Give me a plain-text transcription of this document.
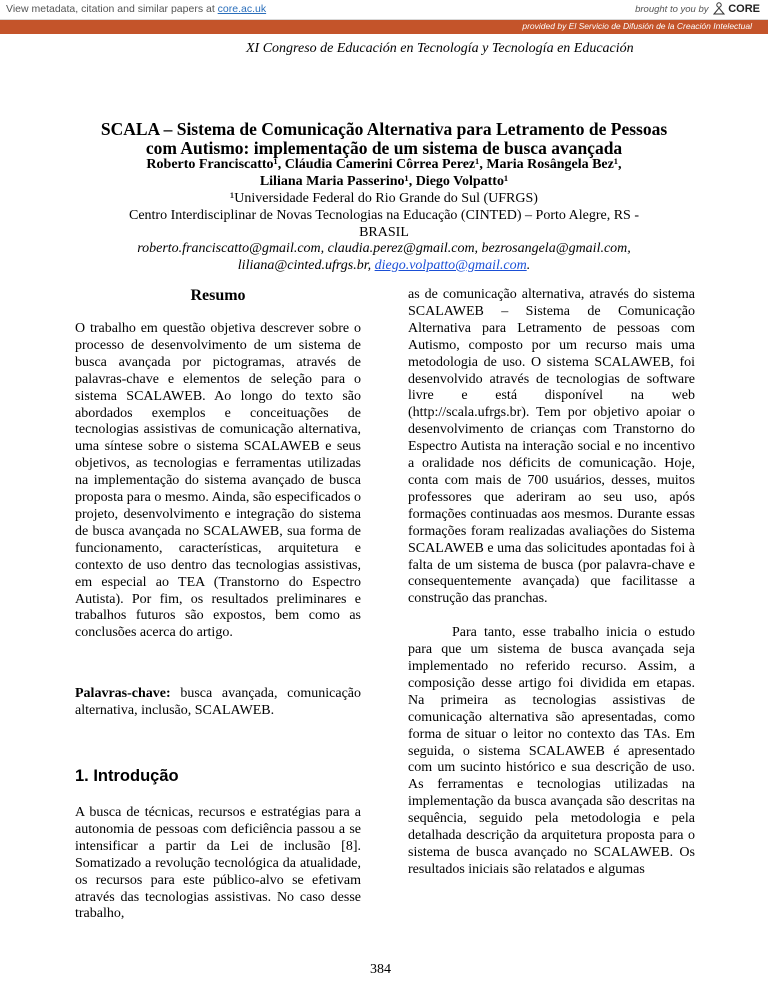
View metadata, citation and similar papers at core.ac.uk	brought to you by CORE
provided by El Servicio de Difusión de la Creación Intelectual
XI Congreso de Educación en Tecnología y Tecnología en Educación
SCALA – Sistema de Comunicação Alternativa para Letramento de Pessoas
com Autismo: implementação de um sistema de busca avançada
Roberto Franciscatto¹, Cláudia Camerini Côrrea Perez¹, Maria Rosângela Bez¹,
Liliana Maria Passerino¹, Diego Volpatto¹
¹Universidade Federal do Rio Grande do Sul (UFRGS)
Centro Interdisciplinar de Novas Tecnologias na Educação (CINTED) – Porto Alegre, RS -
BRASIL
roberto.franciscatto@gmail.com, claudia.perez@gmail.com, bezrosangela@gmail.com,
liliana@cinted.ufrgs.br, diego.volpatto@gmail.com.
Resumo

O trabalho em questão objetiva descrever sobre o processo de desenvolvimento de um sistema de busca avançada por pictogramas, através de palavras-chave e elementos de seleção para o sistema SCALAWEB. Ao longo do texto são abordados exemplos e conceituações de tecnologias assistivas de comunicação alternativa, uma síntese sobre o sistema SCALAWEB e seus objetivos, as tecnologias e ferramentas utilizadas na implementação do sistema avançado de busca proposta para o mesmo. Ainda, são especificados o projeto, desenvolvimento e integração do sistema de busca avançada no SCALAWEB, sua forma de funcionamento, características, arquitetura e contexto de uso dentro das tecnologias assistivas, em especial ao TEA (Transtorno do Espectro Autista). Por fim, os resultados preliminares e trabalhos futuros são expostos, bem como as conclusões acerca do artigo.

Palavras-chave: busca avançada, comunicação alternativa, inclusão, SCALAWEB.

1. Introdução

A busca de técnicas, recursos e estratégias para a autonomia de pessoas com deficiência passou a se intensificar a partir da Lei de inclusão [8]. Somatizado a revolução tecnológica da atualidade, os recursos para este público-alvo se efetivam através das tecnologias assistivas. No caso desse trabalho,

as de comunicação alternativa, através do sistema SCALAWEB – Sistema de Comunicação Alternativa para Letramento de pessoas com Autismo, composto por um recurso mais uma metodologia de uso. O sistema SCALAWEB, foi desenvolvido através de tecnologias de software livre e está disponível na web (http://scala.ufrgs.br). Tem por objetivo apoiar o desenvolvimento de crianças com Transtorno do Espectro Autista na interação social e no incentivo a oralidade nos déficits de comunicação. Hoje, conta com mais de 700 usuários, desses, muitos professores que aderiram ao seu uso, após formações continuadas aos mesmos. Durante essas formações foram realizadas avaliações do Sistema SCALAWEB e uma das solicitudes apontadas foi à falta de um sistema de busca (por palavra-chave e consequentemente avançada) que facilitasse a construção das pranchas.

Para tanto, esse trabalho inicia o estudo para que um sistema de busca avançada seja implementado no referido recurso. Assim, a composição desse artigo foi dividida em etapas. Na primeira as tecnologias assistivas de comunicação alternativa são apresentadas, como forma de situar o leitor no contexto das TAs. Em seguida, o sistema SCALAWEB é apresentado com um sucinto histórico e sua descrição de uso. As ferramentas e tecnologias utilizadas na implementação da busca avançada são descritas na sequência, seguido pela metodologia e pela detalhada descrição da arquitetura proposta para o sistema de busca avançado no SCALAWEB. Os resultados iniciais são relatados e algumas

384
